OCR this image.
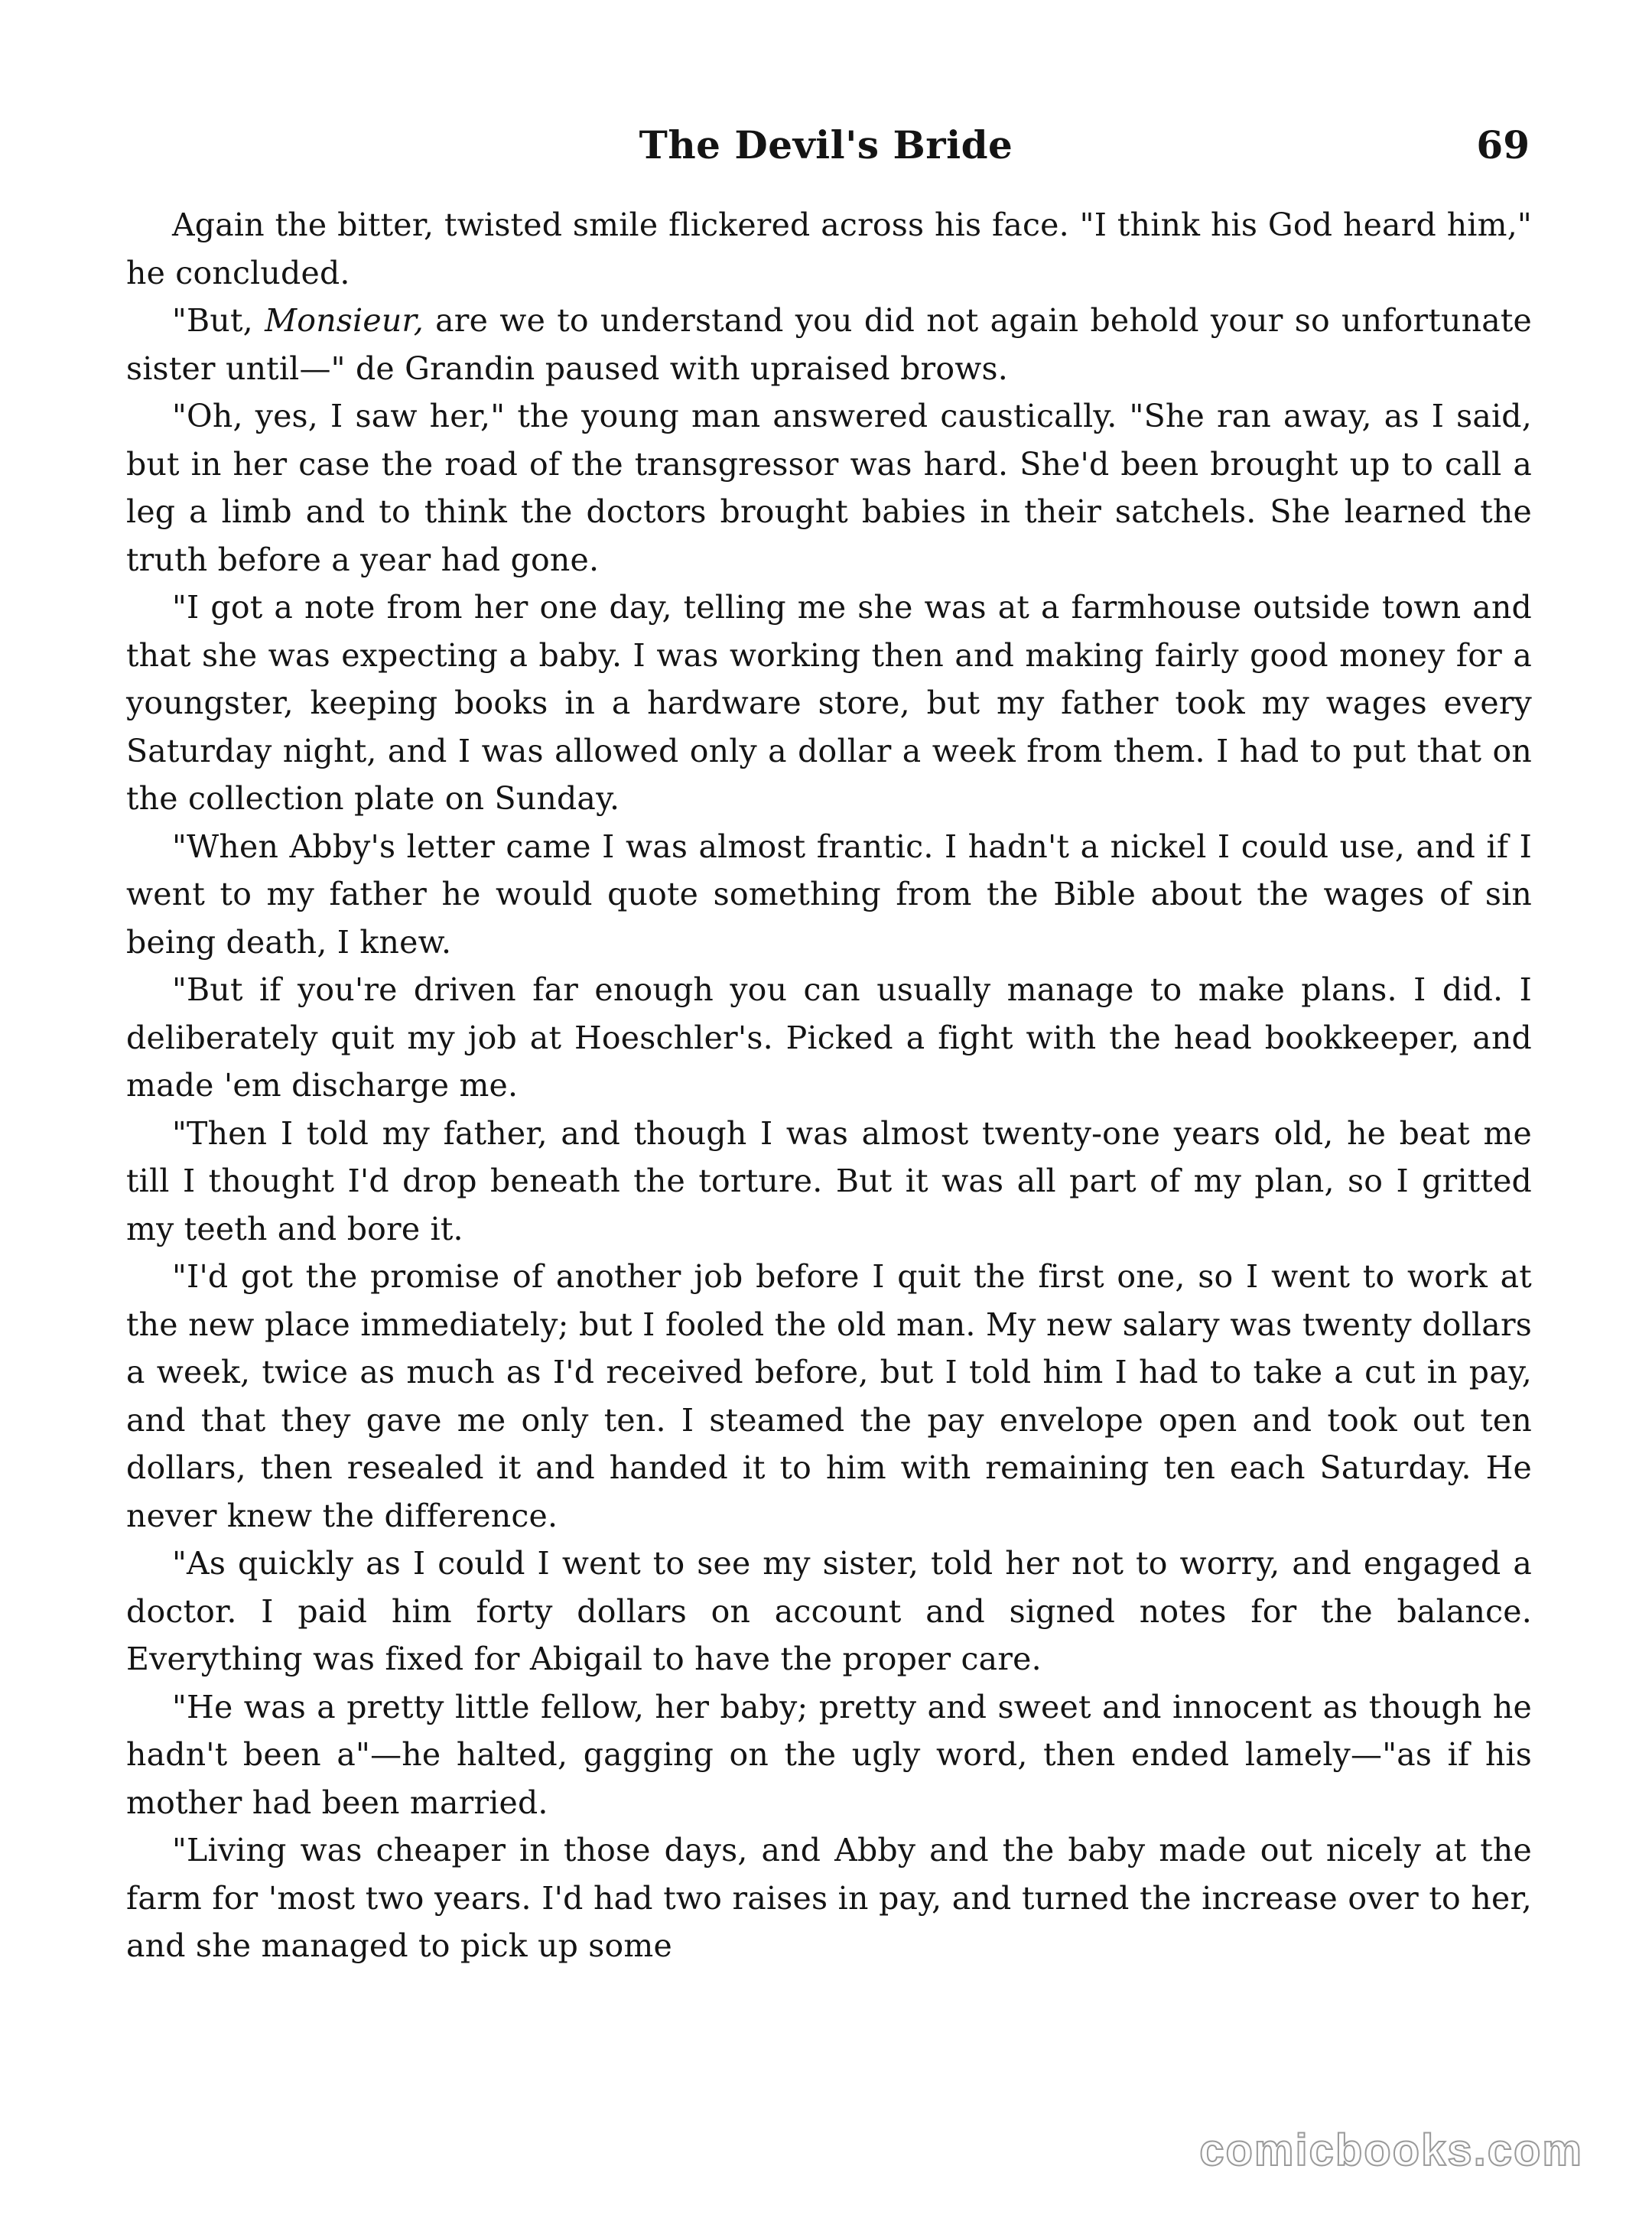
The Devil's Bride	69

Again the bitter, twisted smile flickered across his face. "I think his God heard him," he concluded.

"But, Monsieur, are we to understand you did not again behold your so unfortunate sister until—" de Grandin paused with upraised brows.

"Oh, yes, I saw her," the young man answered caustically. "She ran away, as I said, but in her case the road of the transgressor was hard. She'd been brought up to call a leg a limb and to think the doctors brought babies in their satchels. She learned the truth before a year had gone.

"I got a note from her one day, telling me she was at a farmhouse outside town and that she was expecting a baby. I was working then and making fairly good money for a youngster, keeping books in a hardware store, but my father took my wages every Saturday night, and I was allowed only a dollar a week from them. I had to put that on the collection plate on Sunday.

"When Abby's letter came I was almost frantic. I hadn't a nickel I could use, and if I went to my father he would quote something from the Bible about the wages of sin being death, I knew.

"But if you're driven far enough you can usually manage to make plans. I did. I deliberately quit my job at Hoeschler's. Picked a fight with the head bookkeeper, and made 'em discharge me.

"Then I told my father, and though I was almost twenty-one years old, he beat me till I thought I'd drop beneath the torture. But it was all part of my plan, so I gritted my teeth and bore it.

"I'd got the promise of another job before I quit the first one, so I went to work at the new place immediately; but I fooled the old man. My new salary was twenty dollars a week, twice as much as I'd received before, but I told him I had to take a cut in pay, and that they gave me only ten. I steamed the pay envelope open and took out ten dollars, then resealed it and handed it to him with remaining ten each Saturday. He never knew the difference.

"As quickly as I could I went to see my sister, told her not to worry, and engaged a doctor. I paid him forty dollars on account and signed notes for the balance. Everything was fixed for Abigail to have the proper care.

"He was a pretty little fellow, her baby; pretty and sweet and innocent as though he hadn't been a"—he halted, gagging on the ugly word, then ended lamely—"as if his mother had been married.

"Living was cheaper in those days, and Abby and the baby made out nicely at the farm for 'most two years. I'd had two raises in pay, and turned the increase over to her, and she managed to pick up some

comicbooks.com
